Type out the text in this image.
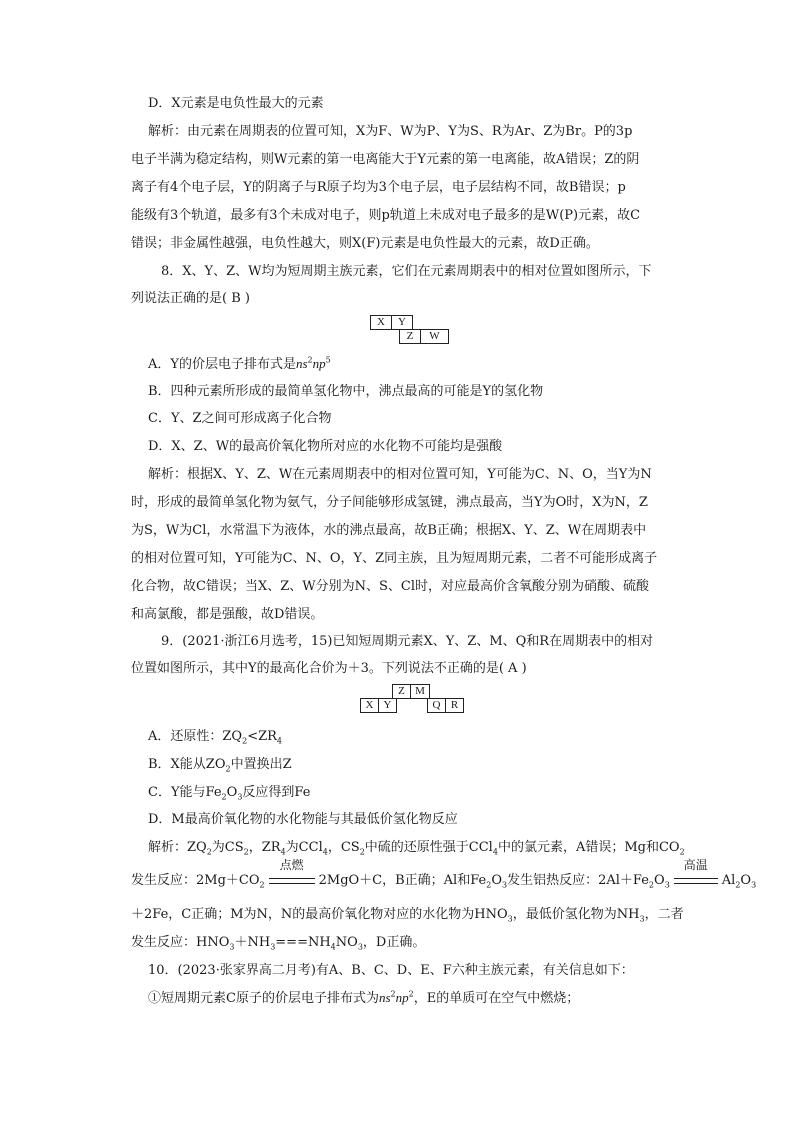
D．X元素是电负性最大的元素
解析：由元素在周期表的位置可知，X为F、W为P、Y为S、R为Ar、Z为Br。P的3p
电子半满为稳定结构，则W元素的第一电离能大于Y元素的第一电离能，故A错误；Z的阴
离子有4个电子层，Y的阴离子与R原子均为3个电子层，电子层结构不同，故B错误；p
能级有3个轨道，最多有3个未成对电子，则p轨道上未成对电子最多的是W(P)元素，故C
错误；非金属性越强，电负性越大，则X(F)元素是电负性最大的元素，故D正确。
8．X、Y、Z、W均为短周期主族元素，它们在元素周期表中的相对位置如图所示，下
列说法正确的是( B )
X	Y
Z	W
A．Y的价层电子排布式是$ns^2np^5$
B．四种元素所形成的最简单氢化物中，沸点最高的可能是Y的氢化物
C．Y、Z之间可形成离子化合物
D．X、Z、W的最高价氧化物所对应的水化物不可能均是强酸
解析：根据X、Y、Z、W在元素周期表中的相对位置可知，Y可能为C、N、O，当Y为N
时，形成的最简单氢化物为氨气，分子间能够形成氢键，沸点最高，当Y为O时，X为N，Z
为S，W为Cl，水常温下为液体，水的沸点最高，故B正确；根据X、Y、Z、W在周期表中
的相对位置可知，Y可能为C、N、O，Y、Z同主族，且为短周期元素，二者不可能形成离子
化合物，故C错误；当X、Z、W分别为N、S、Cl时，对应最高价含氧酸分别为硝酸、硫酸
和高氯酸，都是强酸，故D错误。
9．(2021·浙江6月选考，15)已知短周期元素X、Y、Z、M、Q和R在周期表中的相对
位置如图所示，其中Y的最高化合价为＋3。下列说法不正确的是( A )
Z M
X Y	Q R
A．还原性：$ZQ_2<ZR_4$
B．X能从$ZO_2$中置换出Z
C．Y能与$Fe_2O_3$反应得到Fe
D．M最高价氧化物的水化物能与其最低价氢化物反应
解析：$ZQ_2$为$CS_2$，$ZR_4$为CCl$_4$，$CS_2$中硫的还原性强于CCl$_4$中的氯元素，A错误；Mg和$CO_2$
发生反应：$2Mg+CO_2$
点燃
2MgO＋C，B正确；Al和$Fe_2O_3$发生铝热反应：$2Al+Fe_2O_3$
高温
$Al_2O_3$
＋2Fe，C正确；M为N，N的最高价氧化物对应的水化物为$HNO_3$，最低价氢化物为$NH_3$，二者
发生反应：$HNO_3+NH_3===NH_4NO_3$，D正确。
10．(2023·张家界高二月考)有A、B、C、D、E、F六种主族元素，有关信息如下：
①短周期元素C原子的价层电子排布式为$ns^2np^2$，E的单质可在空气中燃烧；
